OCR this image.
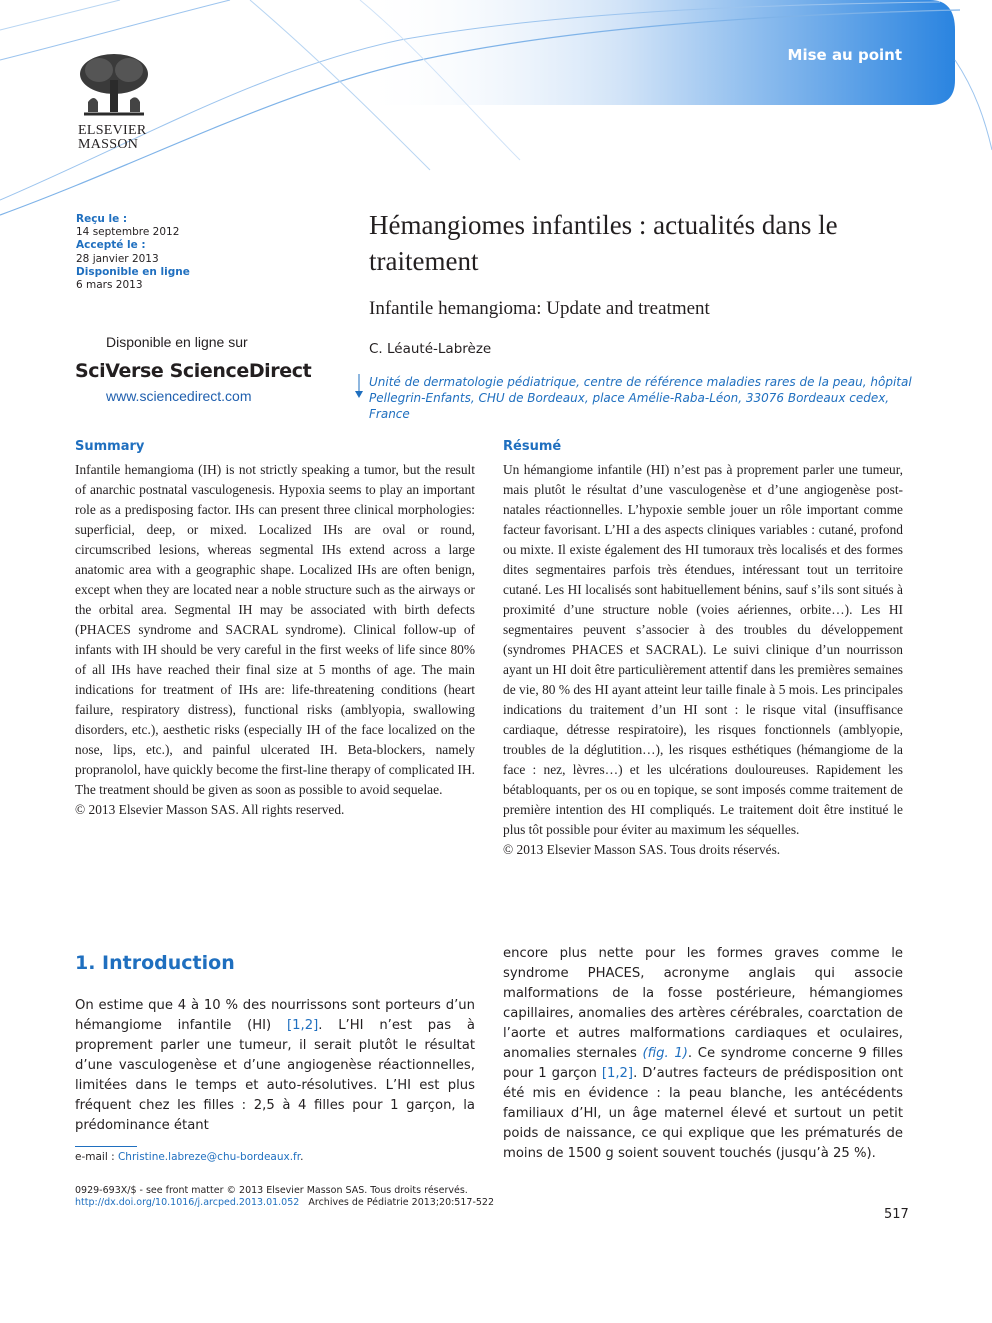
Mise au point
ELSEVIER
MASSON
Reçu le :
14 septembre 2012
Accepté le :
28 janvier 2013
Disponible en ligne
6 mars 2013
Disponible en ligne sur
SciVerse ScienceDirect
www.sciencedirect.com
Hémangiomes infantiles : actualités dans le traitement
Infantile hemangioma: Update and treatment
C. Léauté-Labrèze
Unité de dermatologie pédiatrique, centre de référence maladies rares de la peau, hôpital Pellegrin-Enfants, CHU de Bordeaux, place Amélie-Raba-Léon, 33076 Bordeaux cedex, France
Summary

Infantile hemangioma (IH) is not strictly speaking a tumor, but the result of anarchic postnatal vasculogenesis. Hypoxia seems to play an important role as a predisposing factor. IHs can present three clinical morphologies: superficial, deep, or mixed. Localized IHs are oval or round, circumscribed lesions, whereas segmental IHs extend across a large anatomic area with a geographic shape. Localized IHs are often benign, except when they are located near a noble structure such as the airways or the orbital area. Segmental IH may be associated with birth defects (PHACES syndrome and SACRAL syndrome). Clinical follow-up of infants with IH should be very careful in the first weeks of life since 80% of all IHs have reached their final size at 5 months of age. The main indications for treatment of IHs are: life-threatening conditions (heart failure, respiratory distress), functional risks (amblyopia, swallowing disorders, etc.), aesthetic risks (especially IH of the face localized on the nose, lips, etc.), and painful ulcerated IH. Beta-blockers, namely propranolol, have quickly become the first-line therapy of complicated IH. The treatment should be given as soon as possible to avoid sequelae.

© 2013 Elsevier Masson SAS. All rights reserved.

Résumé

Un hémangiome infantile (HI) n’est pas à proprement parler une tumeur, mais plutôt le résultat d’une vasculogenèse et d’une angiogenèse post-natales réactionnelles. L’hypoxie semble jouer un rôle important comme facteur favorisant. L’HI a des aspects cliniques variables : cutané, profond ou mixte. Il existe également des HI tumoraux très localisés et des formes dites segmentaires parfois très étendues, intéressant tout un territoire cutané. Les HI localisés sont habituellement bénins, sauf s’ils sont situés à proximité d’une structure noble (voies aériennes, orbite…). Les HI segmentaires peuvent s’associer à des troubles du développement (syndromes PHACES et SACRAL). Le suivi clinique d’un nourrisson ayant un HI doit être particulièrement attentif dans les premières semaines de vie, 80 % des HI ayant atteint leur taille finale à 5 mois. Les principales indications du traitement d’un HI sont : le risque vital (insuffisance cardiaque, détresse respiratoire), les risques fonctionnels (amblyopie, troubles de la déglutition…), les risques esthétiques (hémangiome de la face : nez, lèvres…) et les ulcérations douloureuses. Rapidement les bétabloquants, per os ou en topique, se sont imposés comme traitement de première intention des HI compliqués. Le traitement doit être institué le plus tôt possible pour éviter au maximum les séquelles.

© 2013 Elsevier Masson SAS. Tous droits réservés.

1. Introduction

On estime que 4 à 10 % des nourrissons sont porteurs d’un hémangiome infantile (HI) [1,2]. L’HI n’est pas à proprement parler une tumeur, il serait plutôt le résultat d’une vasculogenèse et d’une angiogenèse réactionnelles, limitées dans le temps et auto-résolutives. L’HI est plus fréquent chez les filles : 2,5 à 4 filles pour 1 garçon, la prédominance étant

encore plus nette pour les formes graves comme le syndrome PHACES, acronyme anglais qui associe malformations de la fosse postérieure, hémangiomes capillaires, anomalies des artères cérébrales, coarctation de l’aorte et autres malformations cardiaques et oculaires, anomalies sternales (fig. 1). Ce syndrome concerne 9 filles pour 1 garçon [1,2]. D’autres facteurs de prédisposition ont été mis en évidence : la peau blanche, les antécédents familiaux d’HI, un âge maternel élevé et surtout un petit poids de naissance, ce qui explique que les prématurés de moins de 1500 g soient souvent touchés (jusqu’à 25 %).

e-mail : Christine.labreze@chu-bordeaux.fr.
0929-693X/$ - see front matter © 2013 Elsevier Masson SAS. Tous droits réservés.
http://dx.doi.org/10.1016/j.arcped.2013.01.052 Archives de Pédiatrie 2013;20:517-522
517
